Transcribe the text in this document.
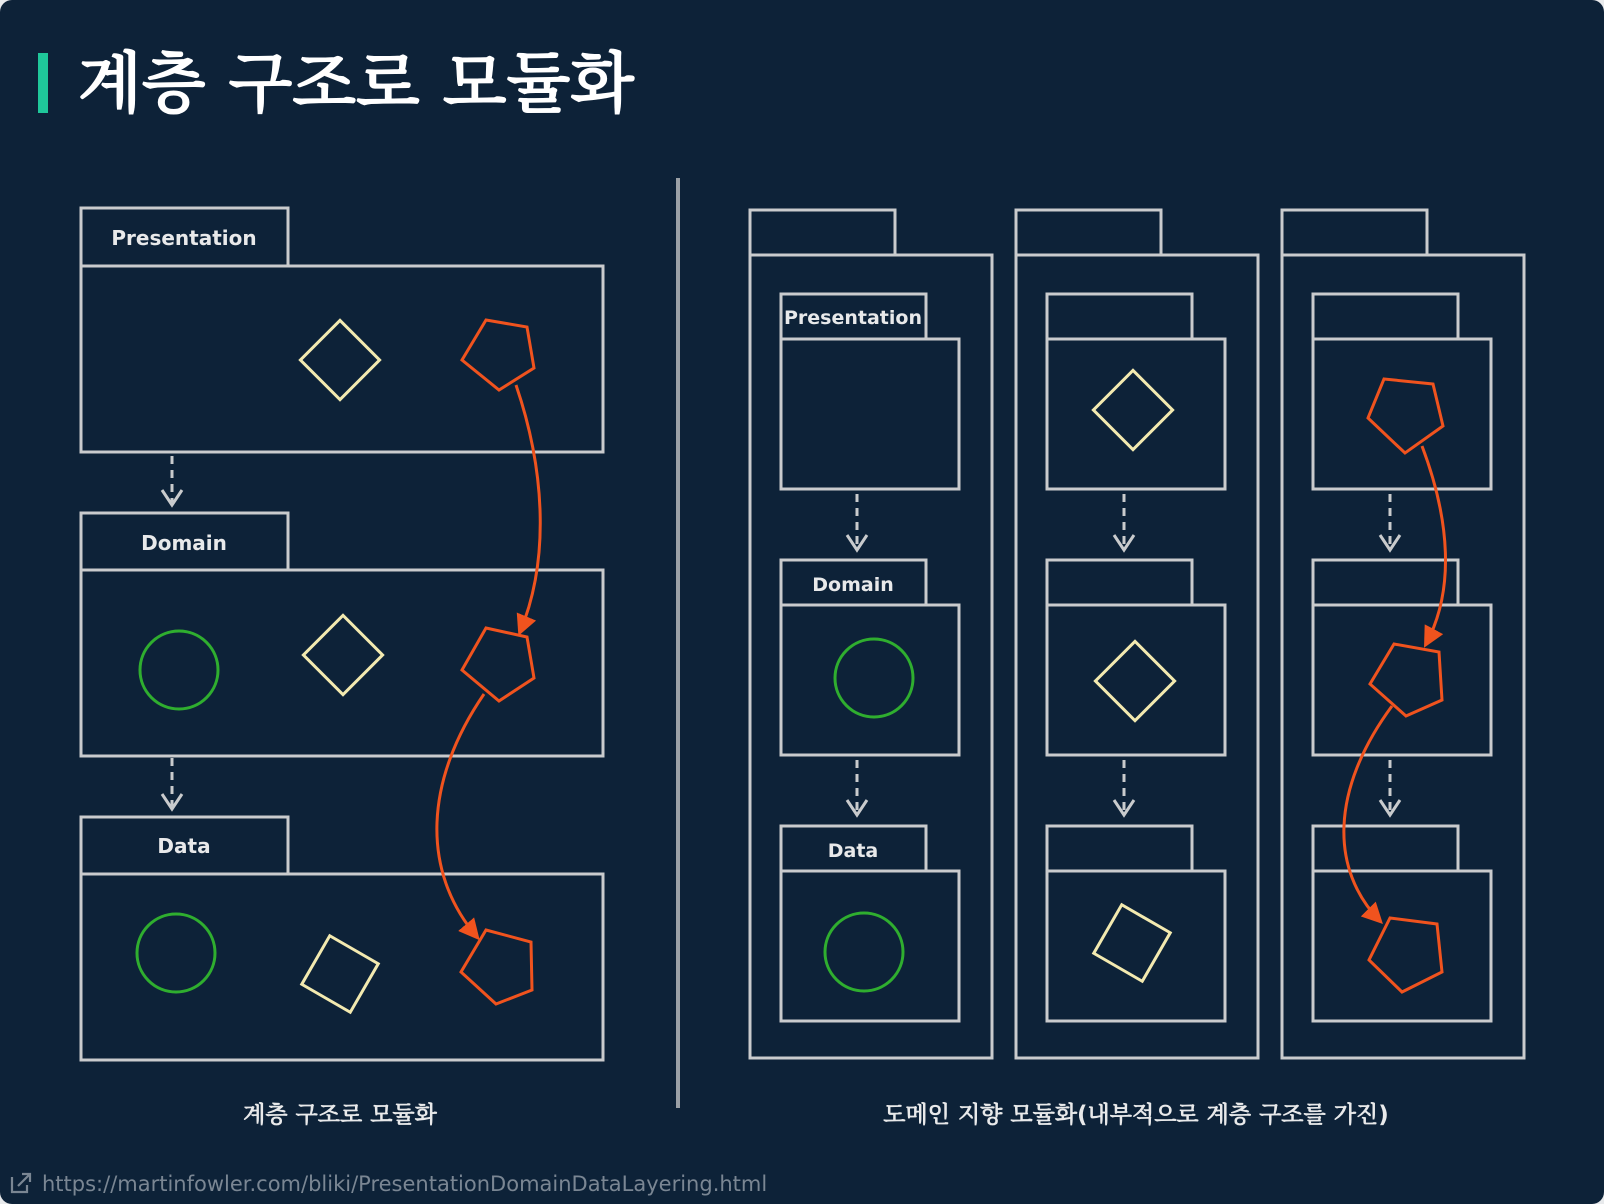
계층 구조로 모듈화
Presentation
Domain
Data
계층 구조로 모듈화
Presentation
Domain
Data
도메인 지향 모듈화(내부적으로 계층 구조를 가진)
https://martinfowler.com/bliki/PresentationDomainDataLayering.html
